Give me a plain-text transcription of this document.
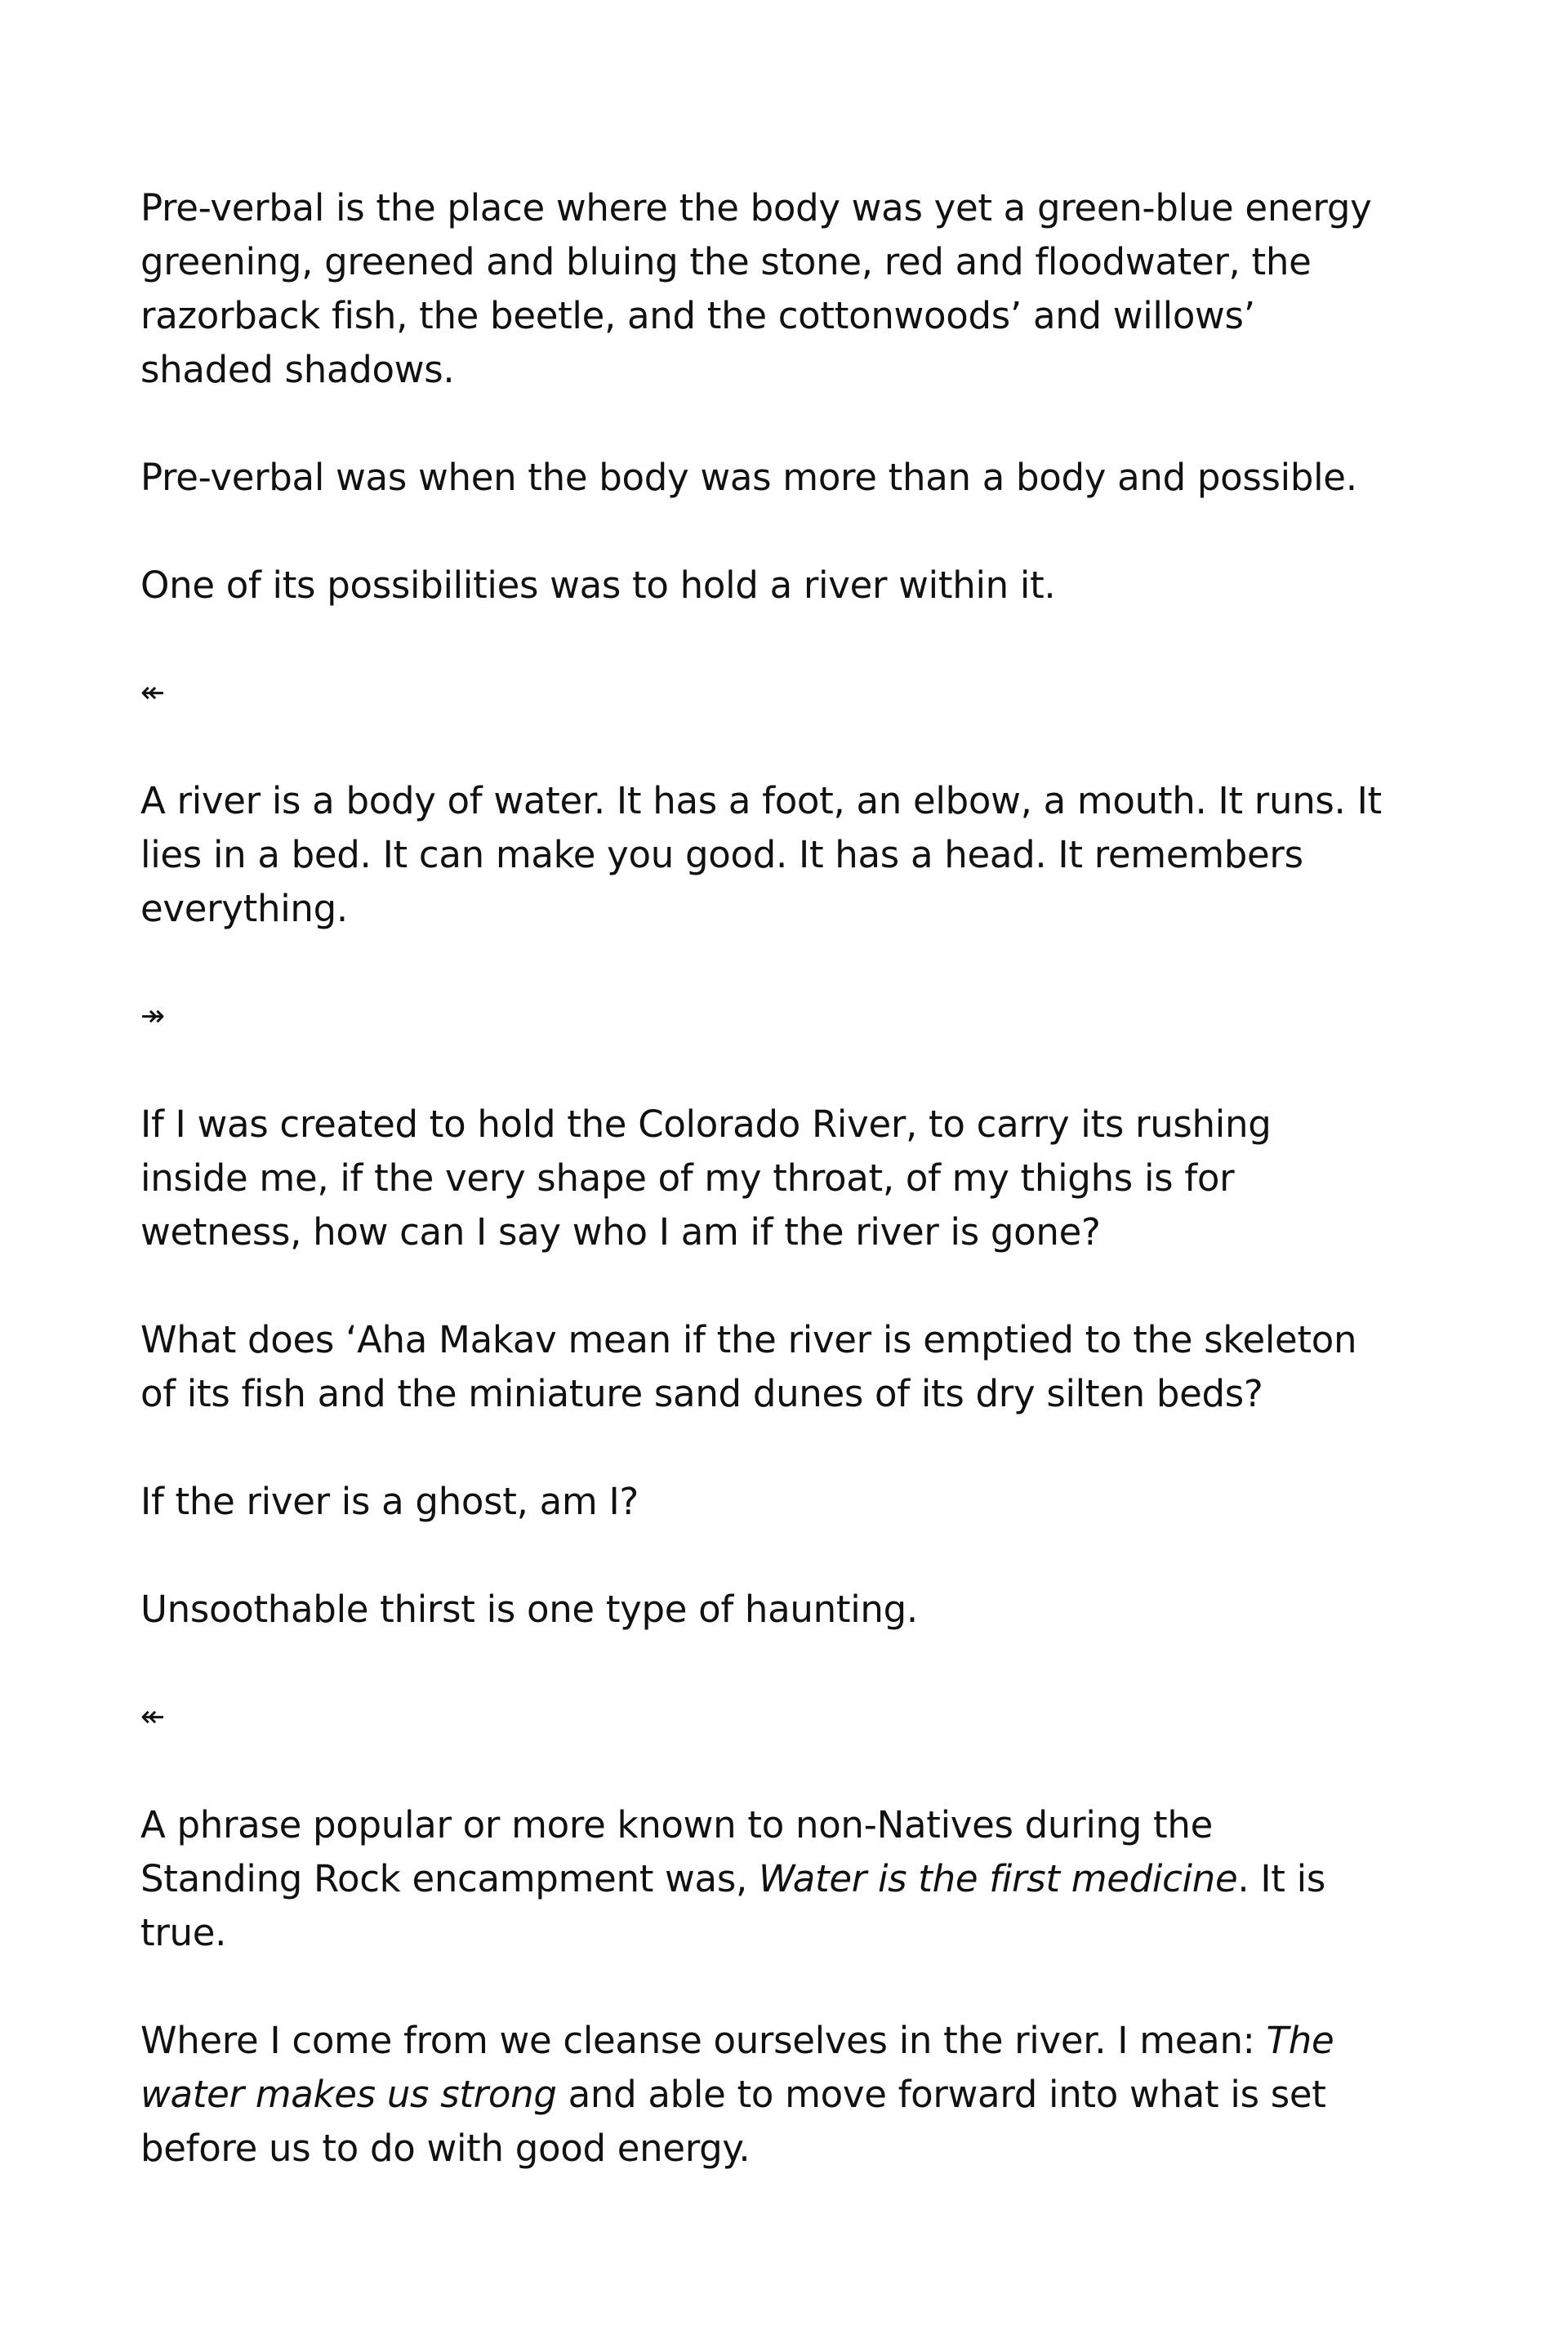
Pre-verbal is the place where the body was yet a green-blue energy greening, greened and bluing the stone, red and floodwater, the razorback fish, the beetle, and the cottonwoods’ and willows’ shaded shadows.

Pre-verbal was when the body was more than a body and possible.

One of its possibilities was to hold a river within it.

↞

A river is a body of water. It has a foot, an elbow, a mouth. It runs. It lies in a bed. It can make you good. It has a head. It remembers everything.

↠

If I was created to hold the Colorado River, to carry its rushing inside me, if the very shape of my throat, of my thighs is for wetness, how can I say who I am if the river is gone?

What does ‘Aha Makav mean if the river is emptied to the skeleton of its fish and the miniature sand dunes of its dry silten beds?

If the river is a ghost, am I?

Unsoothable thirst is one type of haunting.

↞

A phrase popular or more known to non-Natives during the Standing Rock encampment was, Water is the first medicine. It is true.

Where I come from we cleanse ourselves in the river. I mean: The water makes us strong and able to move forward into what is set before us to do with good energy.
